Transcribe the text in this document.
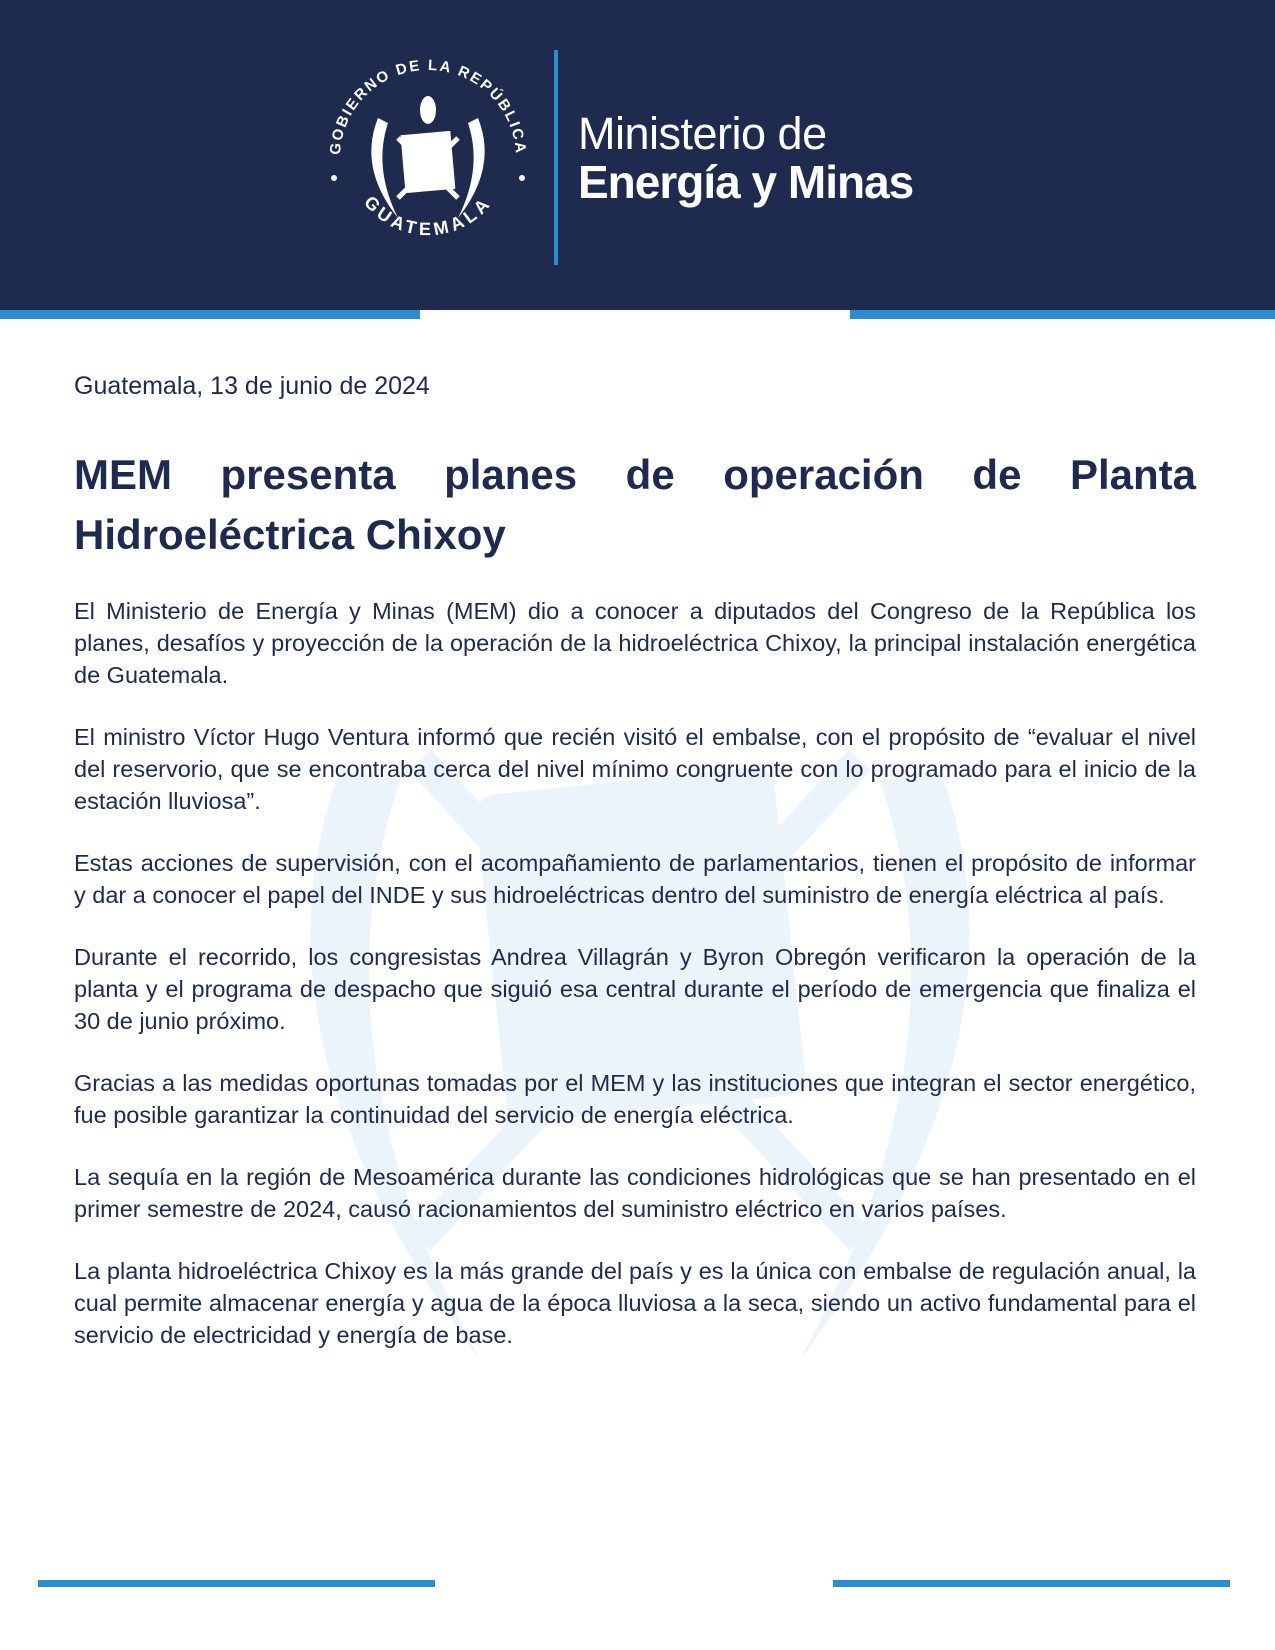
GOBIERNO DE LA REPÚBLICA
GUATEMALA
Ministerio de
Energía y Minas
Guatemala, 13 de junio de 2024
MEM presenta planes de operación de Planta Hidroeléctrica Chixoy

El Ministerio de Energía y Minas (MEM) dio a conocer a diputados del Congreso de la República los planes, desafíos y proyección de la operación de la hidroeléctrica Chixoy, la principal instalación energética de Guatemala.

El ministro Víctor Hugo Ventura informó que recién visitó el embalse, con el propósito de “evaluar el nivel del reservorio, que se encontraba cerca del nivel mínimo congruente con lo programado para el inicio de la estación lluviosa”.

Estas acciones de supervisión, con el acompañamiento de parlamentarios, tienen el propósito de informar y dar a conocer el papel del INDE y sus hidroeléctricas dentro del suministro de energía eléctrica al país.

Durante el recorrido, los congresistas Andrea Villagrán y Byron Obregón verificaron la operación de la planta y el programa de despacho que siguió esa central durante el período de emergencia que finaliza el 30 de junio próximo.

Gracias a las medidas oportunas tomadas por el MEM y las instituciones que integran el sector energético, fue posible garantizar la continuidad del servicio de energía eléctrica.

La sequía en la región de Mesoamérica durante las condiciones hidrológicas que se han presentado en el primer semestre de 2024, causó racionamientos del suministro eléctrico en varios países.

La planta hidroeléctrica Chixoy es la más grande del país y es la única con embalse de regulación anual, la cual permite almacenar energía y agua de la época lluviosa a la seca, siendo un activo fundamental para el servicio de electricidad y energía de base.
